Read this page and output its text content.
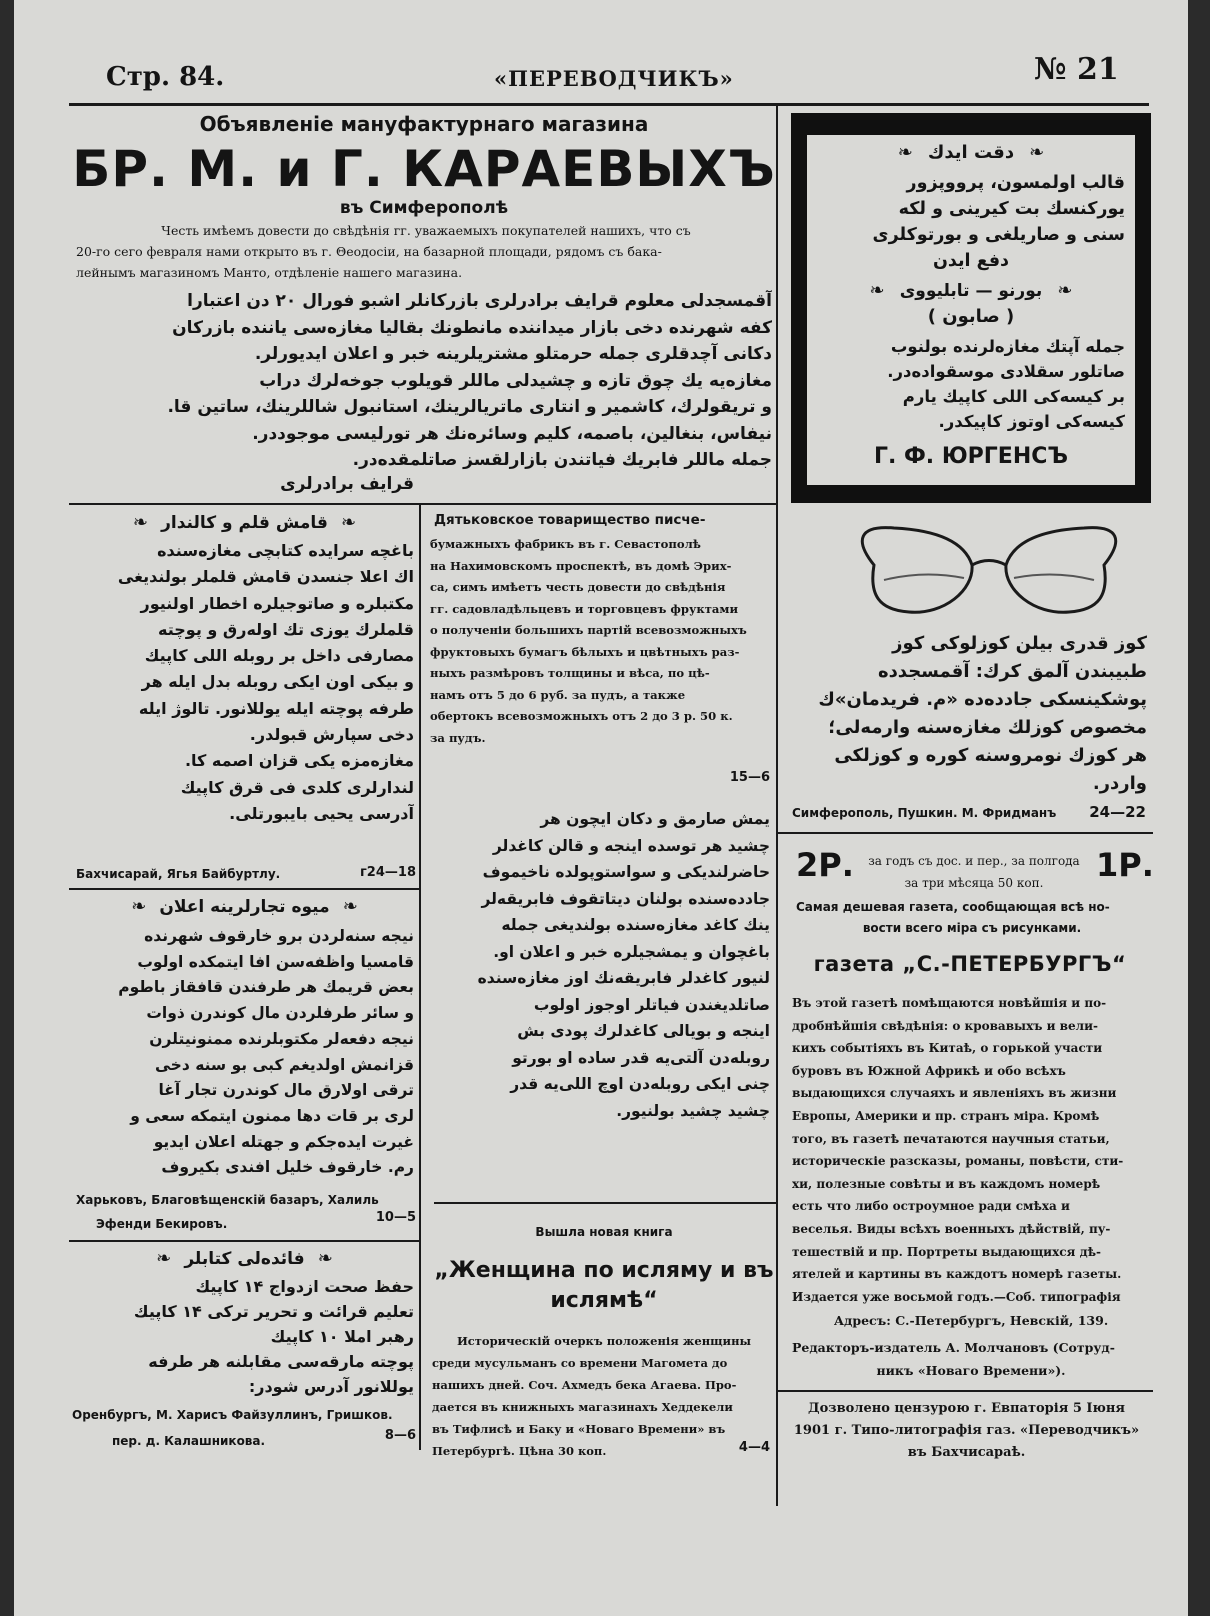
Стр. 84.	«ПЕРЕВОДЧИКЪ»	№ 21
Объявленіе мануфактурнаго магазина
БР. М. и Г. КАРАЕВЫХЪ
въ Симферополѣ
Честь имѣемъ довести до свѣдѣнія гг. уважаемыхъ покупателей нашихъ, что съ
20-го сего февраля нами открыто въ г. Θеодосіи, на базарной площади, рядомъ съ бака-
лейнымъ магазиномъ Манто, отдѣленіе нашего магазина.
آقمسجدلی معلوم قرایف برادرلری بازرکانلر اشبو فورال ۲۰ دن اعتبارا
کفه شهرنده دخی بازار میداننده مانطونك بقالیا مغازه‌سی یاننده بازرکان
دکانی آچدقلری جمله حرمتلو مشتریلرینه خبر و اعلان ایدیورلر.
مغازه‌یه یك چوق تازه و چشیدلی ماللر قویلوب جوخه‌لرك دراب
و تریقولرك، کاشمیر و انتاری ماتریالرینك، استانبول شاللرینك، ساتین قا.
نیفاس، بنغالین، باصمه، کلیم وسائره‌نك هر تورلیسی موجوددر.
جمله ماللر فابریك فیاتندن بازارلقسز صاتلمقده‌در.
قرایف برادرلری
❧ دقت ایدك ❧
قالب اولمسون، پرووپزور
یورکنسك بت کیرینی و لکه
سنی و صاریلغی و بورتوکلری
دفع ایدن
❧ بورنو — تابلیووی ❧
( صابون )
جمله آپتك مغازه‌لرنده بولنوب
صاتلور سقلادی موسقواده‌در.
بر کیسه‌کی اللی کاپیك یارم
کیسه‌کی اوتوز کاپیکدر.
Г. Ф. ЮРГЕНСЪ
کوز قدری بیلن کوزلوکی کوز
طبیبندن آلمق کرك: آقمسجدده
پوشکینسکی جادده‌ده «م. فریدمان»ك
مخصوص کوزلك مغازه‌سنه وارمه‌لی؛
هر کوزك نومروسنه کوره و کوزلکی
واردر.
Симферополь, Пушкин. М. Фридманъ	24—22
2Р.	1Р.
за годъ съ дос. и пер., за полгода
за три мѣсяца 50 коп.
Самая дешевая газета, сообщающая всѣ но-
вости всего міра съ рисунками.
газета „С.-ПЕТЕРБУРГЪ“
Въ этой газетѣ помѣщаются новѣйшія и по-
дробнѣйшія свѣдѣнія: о кровавыхъ и вели-
кихъ событіяхъ въ Китаѣ, о горькой участи
буровъ въ Южной Африкѣ и обо всѣхъ
выдающихся случаяхъ и явленіяхъ въ жизни
Европы, Америки и пр. странъ міра. Кромѣ
того, въ газетѣ печатаются научныя статьи,
историческіе разсказы, романы, повѣсти, сти-
хи, полезные совѣты и въ каждомъ номерѣ
есть что либо остроумное ради смѣха и
веселья. Виды всѣхъ военныхъ дѣйствій, пу-
тешествій и пр. Портреты выдающихся дѣ-
ятелей и картины въ каждотъ номерѣ газеты.
Издается уже восьмой годъ.—Соб. типографія
Адресъ: С.-Петербургъ, Невскій, 139.
Редакторъ-издатель А. Молчановъ (Сотруд-
никъ «Новаго Времени»).
Дозволено цензурою г. Евпаторія 5 Іюня
1901 г. Типо-литографія газ. «Переводчикъ»
въ Бахчисараѣ.
❧ قامش قلم و کالندار ❧
باغچه سرایده کتابچی مغازه‌سنده
اك اعلا جنسدن قامش قلملر بولندیغی
مکتبلره و صاتوجیلره اخطار اولنیور
قلملرك یوزی تك اوله‌رق و پوچته
مصارفی داخل بر روبله اللی کاپیك
و بیکی اون ایکی روبله بدل ایله هر
طرفه پوچته ایله یوللانور. تالوژ ایله
دخی سپارش قبولدر.
مغازه‌مزه یکی قزان اصمه کا.
لندارلری کلدی فی قرق کاپیك
آدرسی یحیی بایبورتلی.
Бахчисарай, Ягья Байбуртлу.	г24—18
❧ میوه تجارلرینه اعلان ❧
نیجه سنه‌لردن برو خارقوف شهرنده
قامسیا واظفه‌سن افا ایتمکده اولوب
بعض قریمك هر طرفندن قافقاز باطوم
و سائر طرفلردن مال کوندرن ذوات
نیجه دفعه‌لر مکتوبلرنده ممنونیتلرن
قزانمش اولدیغم کبی بو سنه دخی
ترقی اولارق مال کوندرن تجار آغا
لری بر قات دها ممنون ایتمکه سعی و
غیرت ایده‌جکم و جهتله اعلان ایدیو
رم. خارقوف خلیل افندی بکیروف
Харьковъ, Благовѣщенскій базаръ, Халиль
Эфенди Бекировъ.	10—5
❧ فائده‌لی کتابلر ❧
حفظ صحت ازدواج ۱۴ کاپیك
تعلیم قرائت و تحریر ترکی ۱۴ کاپیك
رهبر املا ۱۰ کاپیك
پوچته مارقه‌سی مقابلنه هر طرفه
یوللانور آدرس شودر:
Оренбургъ, М. Харисъ Файзуллинъ, Гришков.
пер. д. Калашникова.	8—6
Дятьковское товарищество писче-
бумажныхъ фабрикъ въ г. Севастополѣ
на Нахимовскомъ проспектѣ, въ домѣ Эрих-
са, симъ имѣетъ честь довести до свѣдѣнія
гг. садовладѣльцевъ и торговцевъ фруктами
о полученіи большихъ партій всевозможныхъ
фруктовыхъ бумагъ бѣлыхъ и цвѣтныхъ раз-
ныхъ размѣровъ толщины и вѣса, по цѣ-
намъ отъ 5 до 6 руб. за пудъ, а также
обертокъ всевозможныхъ отъ 2 до 3 р. 50 к.
за пудъ.
15—6
یمش صارمق و دکان ایچون هر
چشید هر توسده اینجه و قالن کاغدلر
حاضرلندیکی و سواستوپولده ناخیموف
جادده‌سنده بولنان دیتاتقوف فابریقه‌لر
ینك کاغد مغازه‌سنده بولندیغی جمله
باغچوان و یمشجیلره خبر و اعلان او.
لنیور کاغدلر فابریقه‌نك اوز مغازه‌سنده
صاتلدیغندن فیاتلر اوجوز اولوب
اینجه و بویالی کاغدلرك پودی بش
روبله‌دن آلتی‌یه قدر ساده او بورتو
چنی ایکی روبله‌دن اوچ اللی‌یه قدر
چشید چشید بولنیور.
Вышла новая книга
„Женщина по исляму и въ
ислямѣ“
Историческій очеркъ положенія женщины
среди мусульманъ со времени Магомета до
нашихъ дней. Соч. Ахмедъ бека Агаева. Про-
дается въ книжныхъ магазинахъ Хеддекели
въ Тифлисѣ и Баку и «Новаго Времени» въ
Петербургѣ. Цѣна 30 коп.	4—4
